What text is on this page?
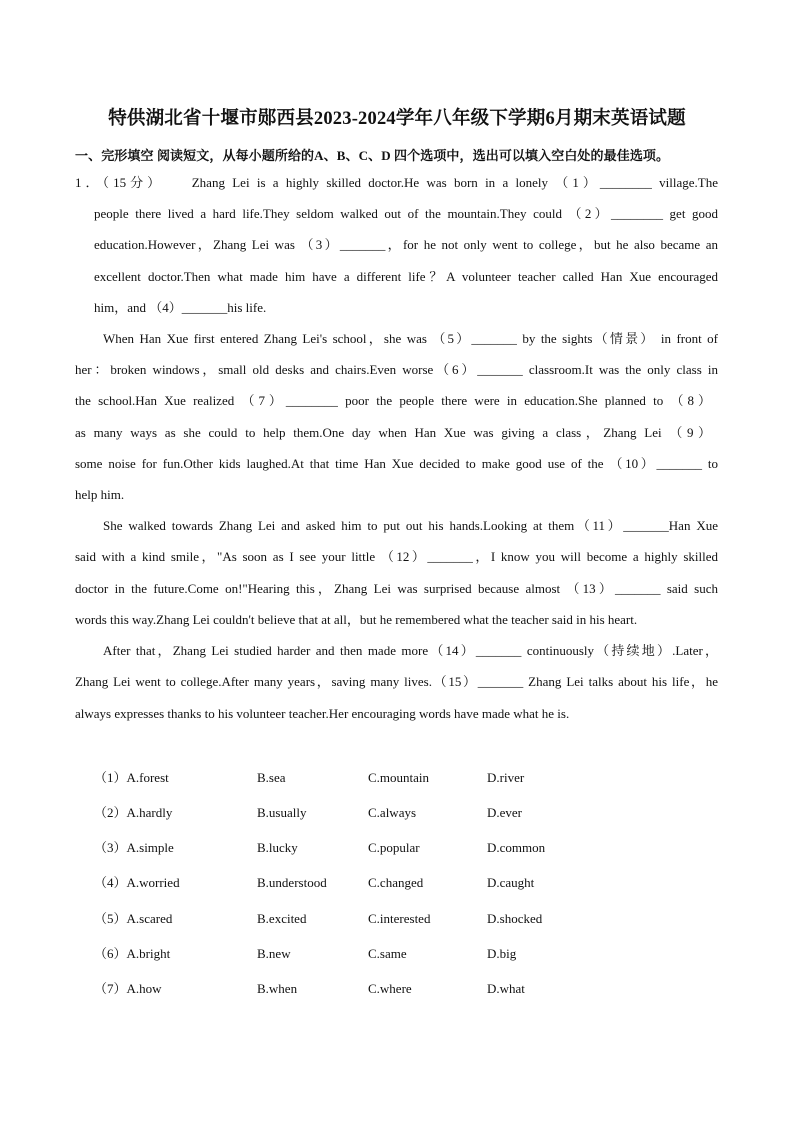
特供湖北省十堰市郧西县2023-2024学年八年级下学期6月期末英语试题
一、完形填空 阅读短文，从每小题所给的A、B、C、D 四个选项中，选出可以填入空白处的最佳选项。
1．（15分）　　Zhang Lei is a highly skilled doctor.He was born in a lonely （1）________ village.The
people there lived a hard life.They seldom walked out of the mountain.They could （2）________ get good
education.However，Zhang Lei was （3）_______，for he not only went to college，but he also became an
excellent doctor.Then what made him have a different life？A volunteer teacher called Han Xue encouraged
him，and （4）_______his life.
When Han Xue first entered Zhang Lei's school，she was （5）_______ by the sights（情景） in front of
her：broken windows，small old desks and chairs.Even worse（6）_______ classroom.It was the only class in
the school.Han Xue realized （7）________ poor the people there were in education.She planned to （8）
as many ways as she could to help them.One day when Han Xue was giving a class，Zhang Lei （9）
some noise for fun.Other kids laughed.At that time Han Xue decided to make good use of the （10）_______ to
help him.
She walked towards Zhang Lei and asked him to put out his hands.Looking at them（11）_______Han Xue
said with a kind smile，"As soon as I see your little （12）_______，I know you will become a highly skilled
doctor in the future.Come on!"Hearing this，Zhang Lei was surprised because almost （13）_______ said such
words this way.Zhang Lei couldn't believe that at all，but he remembered what the teacher said in his heart.
After that，Zhang Lei studied harder and then made more（14）_______ continuously（持续地）.Later，
Zhang Lei went to college.After many years，saving many lives.（15）_______ Zhang Lei talks about his life，he
always expresses thanks to his volunteer teacher.Her encouraging words have made what he is.
（1）A.forest	B.sea	C.mountain	D.river
（2）A.hardly	B.usually	C.always	D.ever
（3）A.simple	B.lucky	C.popular	D.common
（4）A.worried	B.understood	C.changed	D.caught
（5）A.scared	B.excited	C.interested	D.shocked
（6）A.bright	B.new	C.same	D.big
（7）A.how	B.when	C.where	D.what
